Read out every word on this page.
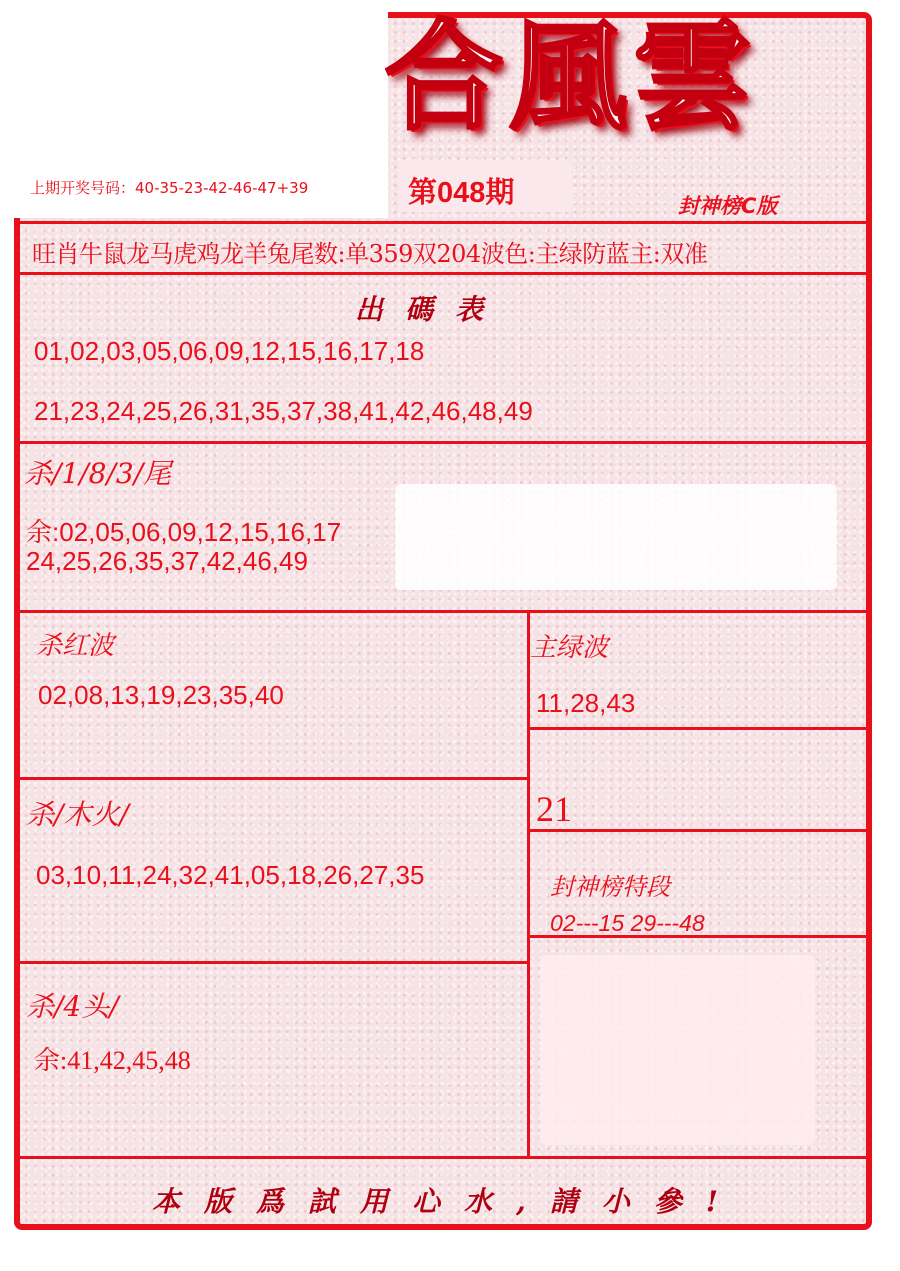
合風雲
封神榜C版
第048期
上期开奖号码：40-35-23-42-46-47+39
旺肖牛鼠龙马虎鸡龙羊兔尾数:单359双204波色:主绿防蓝主:双准
出碼表
01,02,03,05,06,09,12,15,16,17,18
21,23,24,25,26,31,35,37,38,41,42,46,48,49
杀/1/8/3/尾
余:02,05,06,09,12,15,16,17
24,25,26,35,37,42,46,49
杀红波
02,08,13,19,23,35,40
主绿波
11,28,43
21
杀/木火/
03,10,11,24,32,41,05,18,26,27,35	封神榜特段
02---15 29---48
杀/4头/
余:41,42,45,48
本版爲試用心水,請小參!
